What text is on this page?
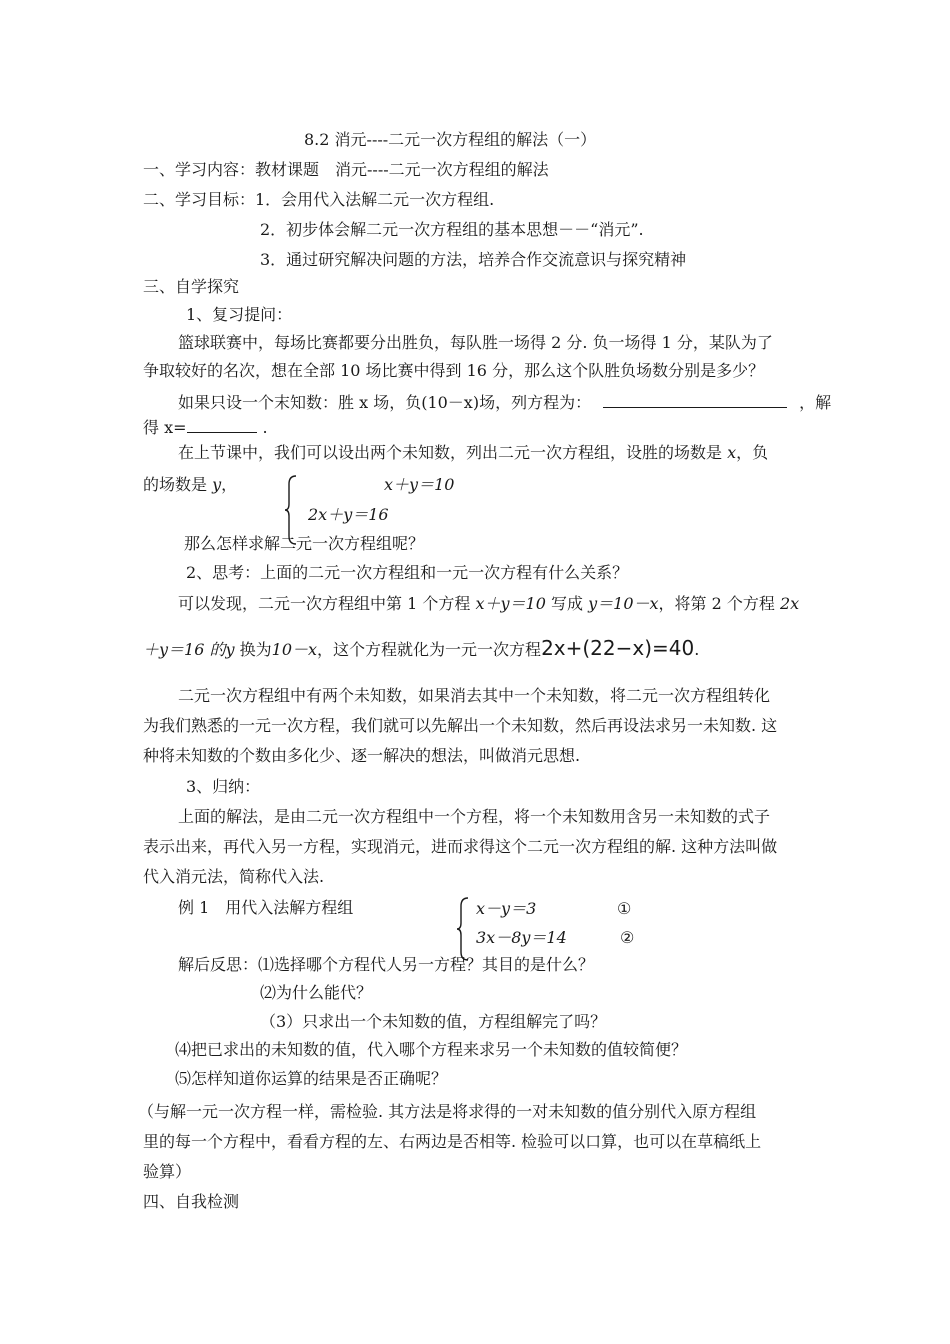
8.2 消元----二元一次方程组的解法（一）
一、学习内容：教材课题　消元----二元一次方程组的解法
二、学习目标：1．会用代入法解二元一次方程组.
2．初步体会解二元一次方程组的基本思想－－“消元”.
3．通过研究解决问题的方法，培养合作交流意识与探究精神
三、自学探究
1、复习提问：
篮球联赛中，每场比赛都要分出胜负，每队胜一场得 2 分. 负一场得 1 分，某队为了
争取较好的名次，想在全部 10 场比赛中得到 16 分，那么这个队胜负场数分别是多少？
如果只设一个末知数：胜 x 场，负(10－x)场，列方程为：	，解
得 x=	.
在上节课中，我们可以设出两个未知数，列出二元一次方程组，设胜的场数是 x，负
的场数是 y，	x＋y＝10
2x＋y＝16
那么怎样求解二元一次方程组呢？
2、思考：上面的二元一次方程组和一元一次方程有什么关系？
可以发现，二元一次方程组中第 1 个方程 x＋y＝10 写成 y＝10－x，将第 2 个方程 2x
＋y＝16 的y 换为10－x，这个方程就化为一元一次方程2x+(22−x)=40.
二元一次方程组中有两个未知数，如果消去其中一个未知数，将二元一次方程组转化
为我们熟悉的一元一次方程，我们就可以先解出一个未知数，然后再设法求另一未知数. 这
种将未知数的个数由多化少、逐一解决的想法，叫做消元思想.
3、归纳：
上面的解法，是由二元一次方程组中一个方程，将一个未知数用含另一未知数的式子
表示出来，再代入另一方程，实现消元，进而求得这个二元一次方程组的解. 这种方法叫做
代入消元法，简称代入法.
例 1　用代入法解方程组	x－y＝3	①
3x－8y＝14	②
解后反思：⑴选择哪个方程代人另一方程？其目的是什么？
⑵为什么能代？
（3）只求出一个未知数的值，方程组解完了吗？
⑷把已求出的未知数的值，代入哪个方程来求另一个未知数的值较简便？
⑸怎样知道你运算的结果是否正确呢？
（与解一元一次方程一样，需检验. 其方法是将求得的一对未知数的值分别代入原方程组
里的每一个方程中，看看方程的左、右两边是否相等. 检验可以口算，也可以在草稿纸上
验算）
四、自我检测
